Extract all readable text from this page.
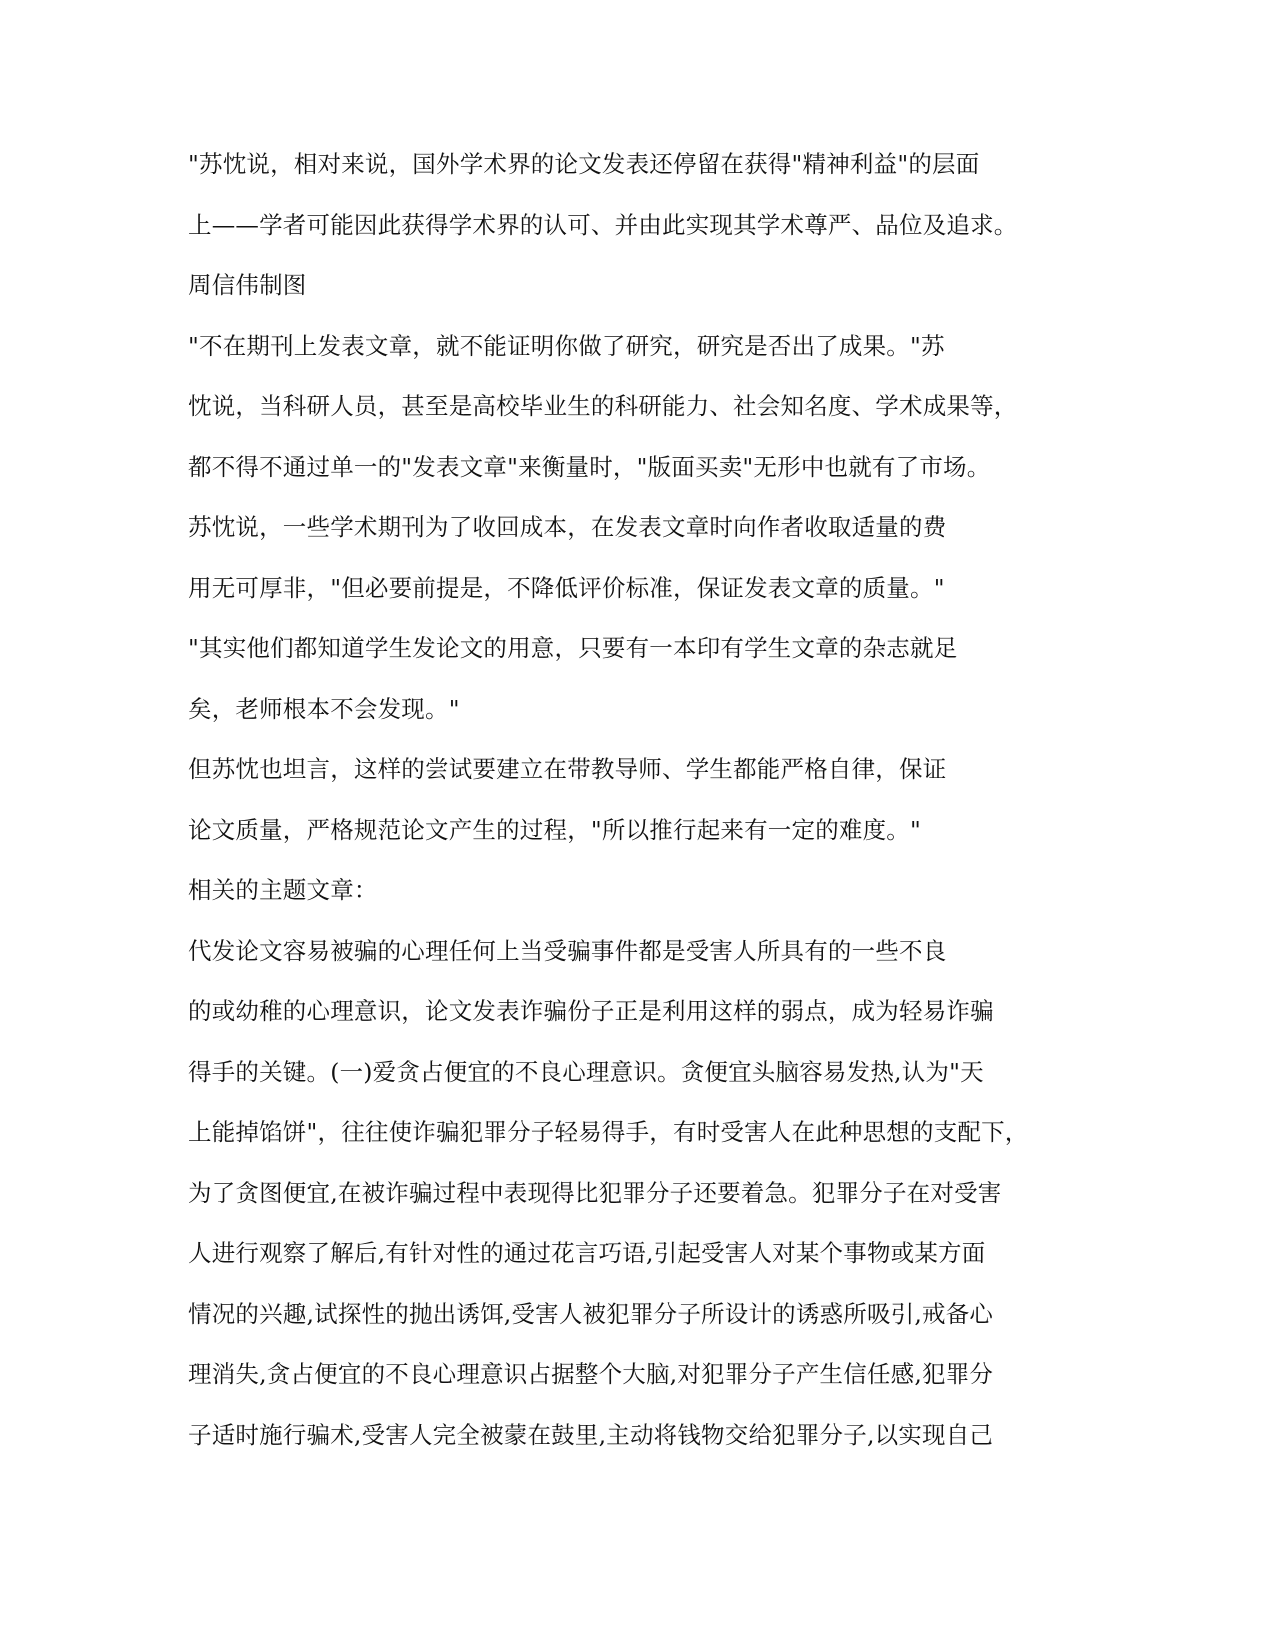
"苏忱说，相对来说，国外学术界的论文发表还停留在获得"精神利益"的层面
上——学者可能因此获得学术界的认可、并由此实现其学术尊严、品位及追求。
周信伟制图
"不在期刊上发表文章，就不能证明你做了研究，研究是否出了成果。"苏
忱说，当科研人员，甚至是高校毕业生的科研能力、社会知名度、学术成果等，
都不得不通过单一的"发表文章"来衡量时，"版面买卖"无形中也就有了市场。
苏忱说，一些学术期刊为了收回成本，在发表文章时向作者收取适量的费
用无可厚非，"但必要前提是，不降低评价标准，保证发表文章的质量。"
"其实他们都知道学生发论文的用意，只要有一本印有学生文章的杂志就足
矣，老师根本不会发现。"
但苏忱也坦言，这样的尝试要建立在带教导师、学生都能严格自律，保证
论文质量，严格规范论文产生的过程，"所以推行起来有一定的难度。"
相关的主题文章：
代发论文容易被骗的心理任何上当受骗事件都是受害人所具有的一些不良
的或幼稚的心理意识，论文发表诈骗份子正是利用这样的弱点，成为轻易诈骗
得手的关键。(一)爱贪占便宜的不良心理意识。贪便宜头脑容易发热,认为"天
上能掉馅饼"，往往使诈骗犯罪分子轻易得手，有时受害人在此种思想的支配下，
为了贪图便宜,在被诈骗过程中表现得比犯罪分子还要着急。犯罪分子在对受害
人进行观察了解后,有针对性的通过花言巧语,引起受害人对某个事物或某方面
情况的兴趣,试探性的抛出诱饵,受害人被犯罪分子所设计的诱惑所吸引,戒备心
理消失,贪占便宜的不良心理意识占据整个大脑,对犯罪分子产生信任感,犯罪分
子适时施行骗术,受害人完全被蒙在鼓里,主动将钱物交给犯罪分子,以实现自己
